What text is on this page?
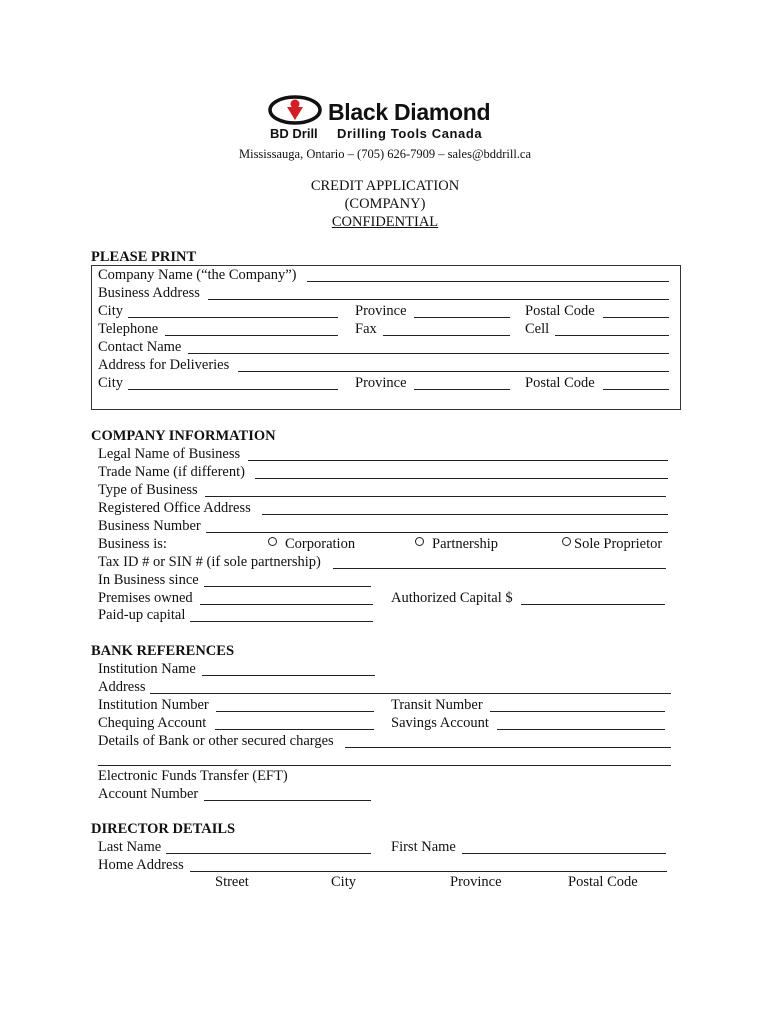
Black Diamond
BD Drill Drilling Tools Canada
Mississauga, Ontario – (705) 626-7909 – sales@bddrill.ca
CREDIT APPLICATION
(COMPANY)
CONFIDENTIAL
PLEASE PRINT
Company Name (“the Company”)
Business Address
City	Province	Postal Code
Telephone	Fax	Cell
Contact Name
Address for Deliveries
City	Province	Postal Code
COMPANY INFORMATION
Legal Name of Business
Trade Name (if different)
Type of Business
Registered Office Address
Business Number
Business is:	Corporation	Partnership	Sole Proprietor
Tax ID # or SIN # (if sole partnership)
In Business since
Premises owned	Authorized Capital $
Paid-up capital
BANK REFERENCES
Institution Name
Address
Institution Number	Transit Number
Chequing Account	Savings Account
Details of Bank or other secured charges
Electronic Funds Transfer (EFT)
Account Number
DIRECTOR DETAILS
Last Name	First Name
Home Address
Street	City	Province	Postal Code
